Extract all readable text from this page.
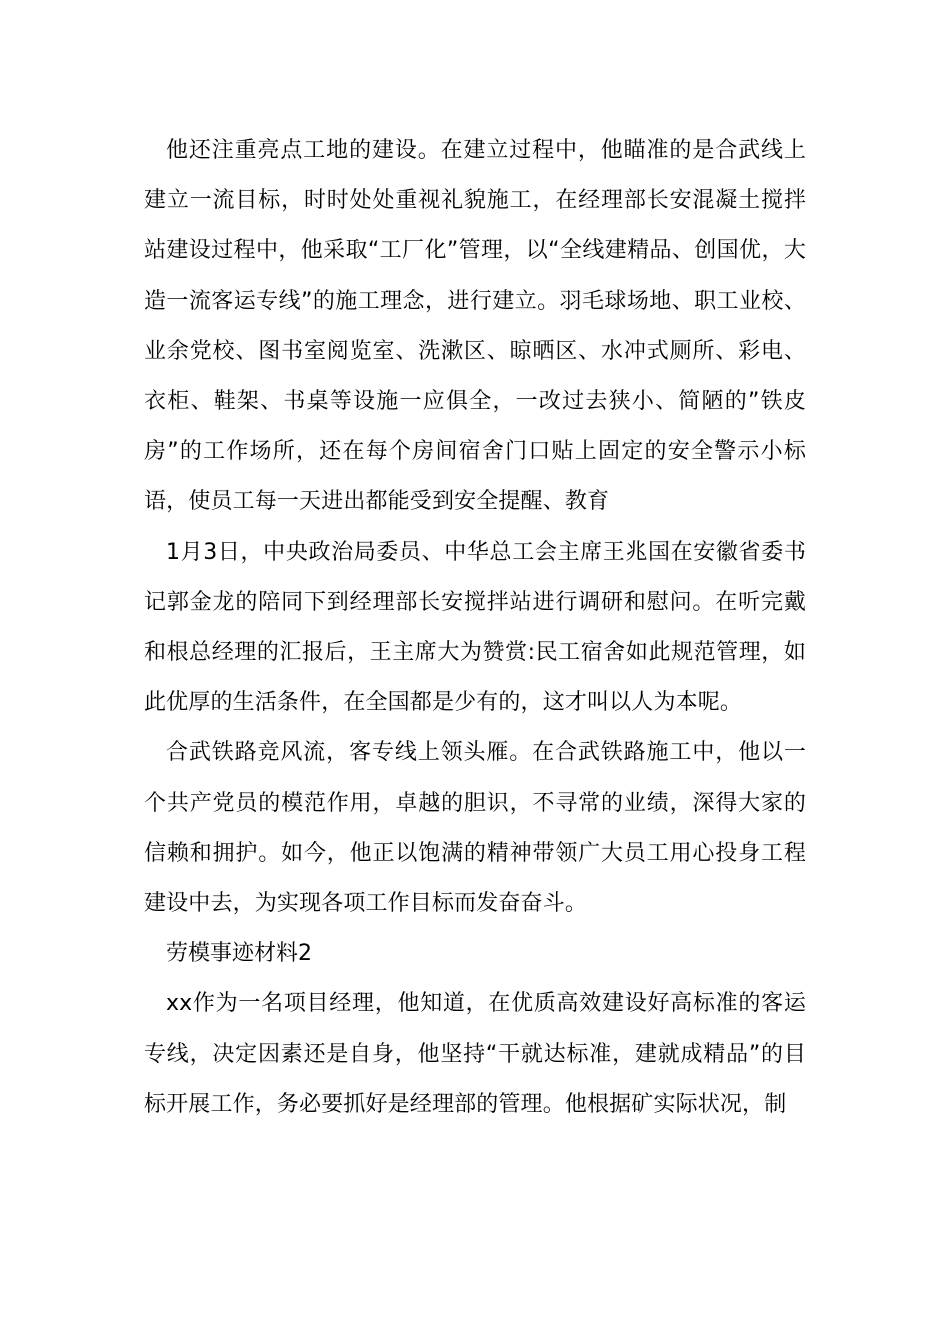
他还注重亮点工地的建设。在建立过程中，他瞄准的是合武线上建立一流目标，时时处处重视礼貌施工，在经理部长安混凝土搅拌站建设过程中，他采取“工厂化”管理，以“全线建精品、创国优，大造一流客运专线”的施工理念，进行建立。羽毛球场地、职工业校、业余党校、图书室阅览室、洗漱区、晾晒区、水冲式厕所、彩电、衣柜、鞋架、书桌等设施一应俱全，一改过去狭小、简陋的”铁皮房”的工作场所，还在每个房间宿舍门口贴上固定的安全警示小标语，使员工每一天进出都能受到安全提醒、教育

1月3日，中央政治局委员、中华总工会主席王兆国在安徽省委书记郭金龙的陪同下到经理部长安搅拌站进行调研和慰问。在听完戴和根总经理的汇报后，王主席大为赞赏:民工宿舍如此规范管理，如此优厚的生活条件，在全国都是少有的，这才叫以人为本呢。

合武铁路竞风流，客专线上领头雁。在合武铁路施工中，他以一个共产党员的模范作用，卓越的胆识，不寻常的业绩，深得大家的信赖和拥护。如今，他正以饱满的精神带领广大员工用心投身工程建设中去，为实现各项工作目标而发奋奋斗。

劳模事迹材料2

xx作为一名项目经理，他知道，在优质高效建设好高标准的客运专线，决定因素还是自身，他坚持“干就达标准，建就成精品”的目标开展工作，务必要抓好是经理部的管理。他根据矿实际状况，制
